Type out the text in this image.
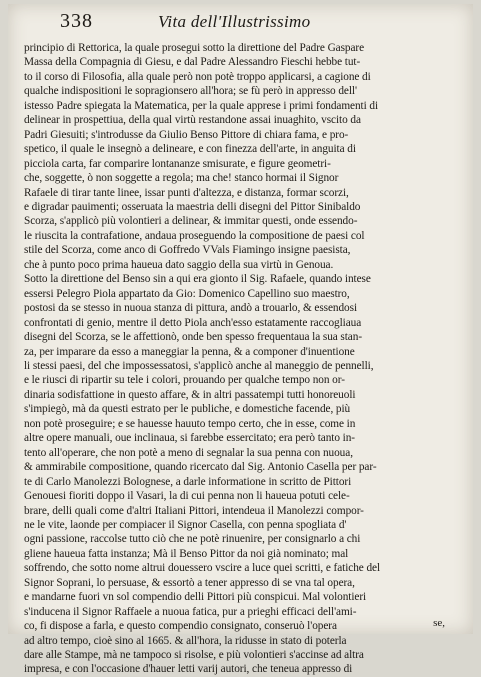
338	Vita dell'Illustrissimo
principio di Rettorica, la quale prosegui sotto la direttione del Padre Gaspare
Massa della Compagnia di Giesu, e dal Padre Alessandro Fieschi hebbe tut-
to il corso di Filosofia, alla quale però non potè troppo applicarsi, a cagione di
qualche indispositioni le sopragionsero all'hora; se fù però in appresso dell'
istesso Padre spiegata la Matematica, per la quale apprese i primi fondamenti di
delinear in prospettiua, della qual virtù restandone assai inuaghito, vscito da
Padri Giesuiti; s'introdusse da Giulio Benso Pittore di chiara fama, e pro-
spetico, il quale le insegnò a delineare, e con finezza dell'arte, in anguita di
picciola carta, far comparire lontananze smisurate, e figure geometri-
che, soggette, ò non soggette a regola; ma che! stanco hormai il Signor
Rafaele di tirar tante linee, issar punti d'altezza, e distanza, formar scorzi,
e digradar pauimenti; osseruata la maestria delli disegni del Pittor Sinibaldo
Scorza, s'applicò più volontieri a delinear, & immitar questi, onde essendo-
le riuscita la contrafatione, andaua proseguendo la compositione de paesi col
stile del Scorza, come anco di Goffredo VVals Fiamingo insigne paesista,
che à punto poco prima haueua dato saggio della sua virtù in Genoua.
Sotto la direttione del Benso sin a qui era gionto il Sig. Rafaele, quando intese
essersi Pelegro Piola appartato da Gio: Domenico Capellino suo maestro,
postosi da se stesso in nuoua stanza di pittura, andò a trouarlo, & essendosi
confrontati di genio, mentre il detto Piola anch'esso estatamente raccogliaua
disegni del Scorza, se le affettionò, onde ben spesso frequentaua la sua stan-
za, per imparare da esso a maneggiar la penna, & a componer d'inuentione
li stessi paesi, del che impossessatosi, s'applicò anche al maneggio de pennelli,
e le riusci di ripartir su tele i colori, prouando per qualche tempo non or-
dinaria sodisfattione in questo affare, & in altri passatempi tutti honoreuoli
s'impiegò, mà da questi estrato per le publiche, e domestiche facende, più
non potè proseguire; e se hauesse hauuto tempo certo, che in esse, come in
altre opere manuali, oue inclinaua, si farebbe essercitato; era però tanto in-
tento all'operare, che non potè a meno di segnalar la sua penna con nuoua,
& ammirabile compositione, quando ricercato dal Sig. Antonio Casella per par-
te di Carlo Manolezzi Bolognese, a darle informatione in scritto de Pittori
Genouesi fioriti doppo il Vasari, la di cui penna non li haueua potuti cele-
brare, delli quali come d'altri Italiani Pittori, intendeua il Manolezzi compor-
ne le vite, laonde per compiacer il Signor Casella, con penna spogliata d'
ogni passione, raccolse tutto ciò che ne potè rinuenire, per consignarlo a chi
gliene haueua fatta instanza; Mà il Benso Pittor da noi già nominato; mal
soffrendo, che sotto nome altrui douessero vscire a luce quei scritti, e fatiche del
Signor Soprani, lo persuase, & essortò a tener appresso di se vna tal opera,
e mandarne fuori vn sol compendio delli Pittori più conspicui. Mal volontieri
s'inducena il Signor Raffaele a nuoua fatica, pur a prieghi efficaci dell'ami-
co, fi dispose a farla, e questo compendio consignato, conseruò l'opera
ad altro tempo, cioè sino al 1665. & all'hora, la ridusse in stato di poterla
dare alle Stampe, mà ne tampoco si risolse, e più volontieri s'accinse ad altra
impresa, e con l'occasione d'hauer letti varij autori, che teneua appresso di
se,
